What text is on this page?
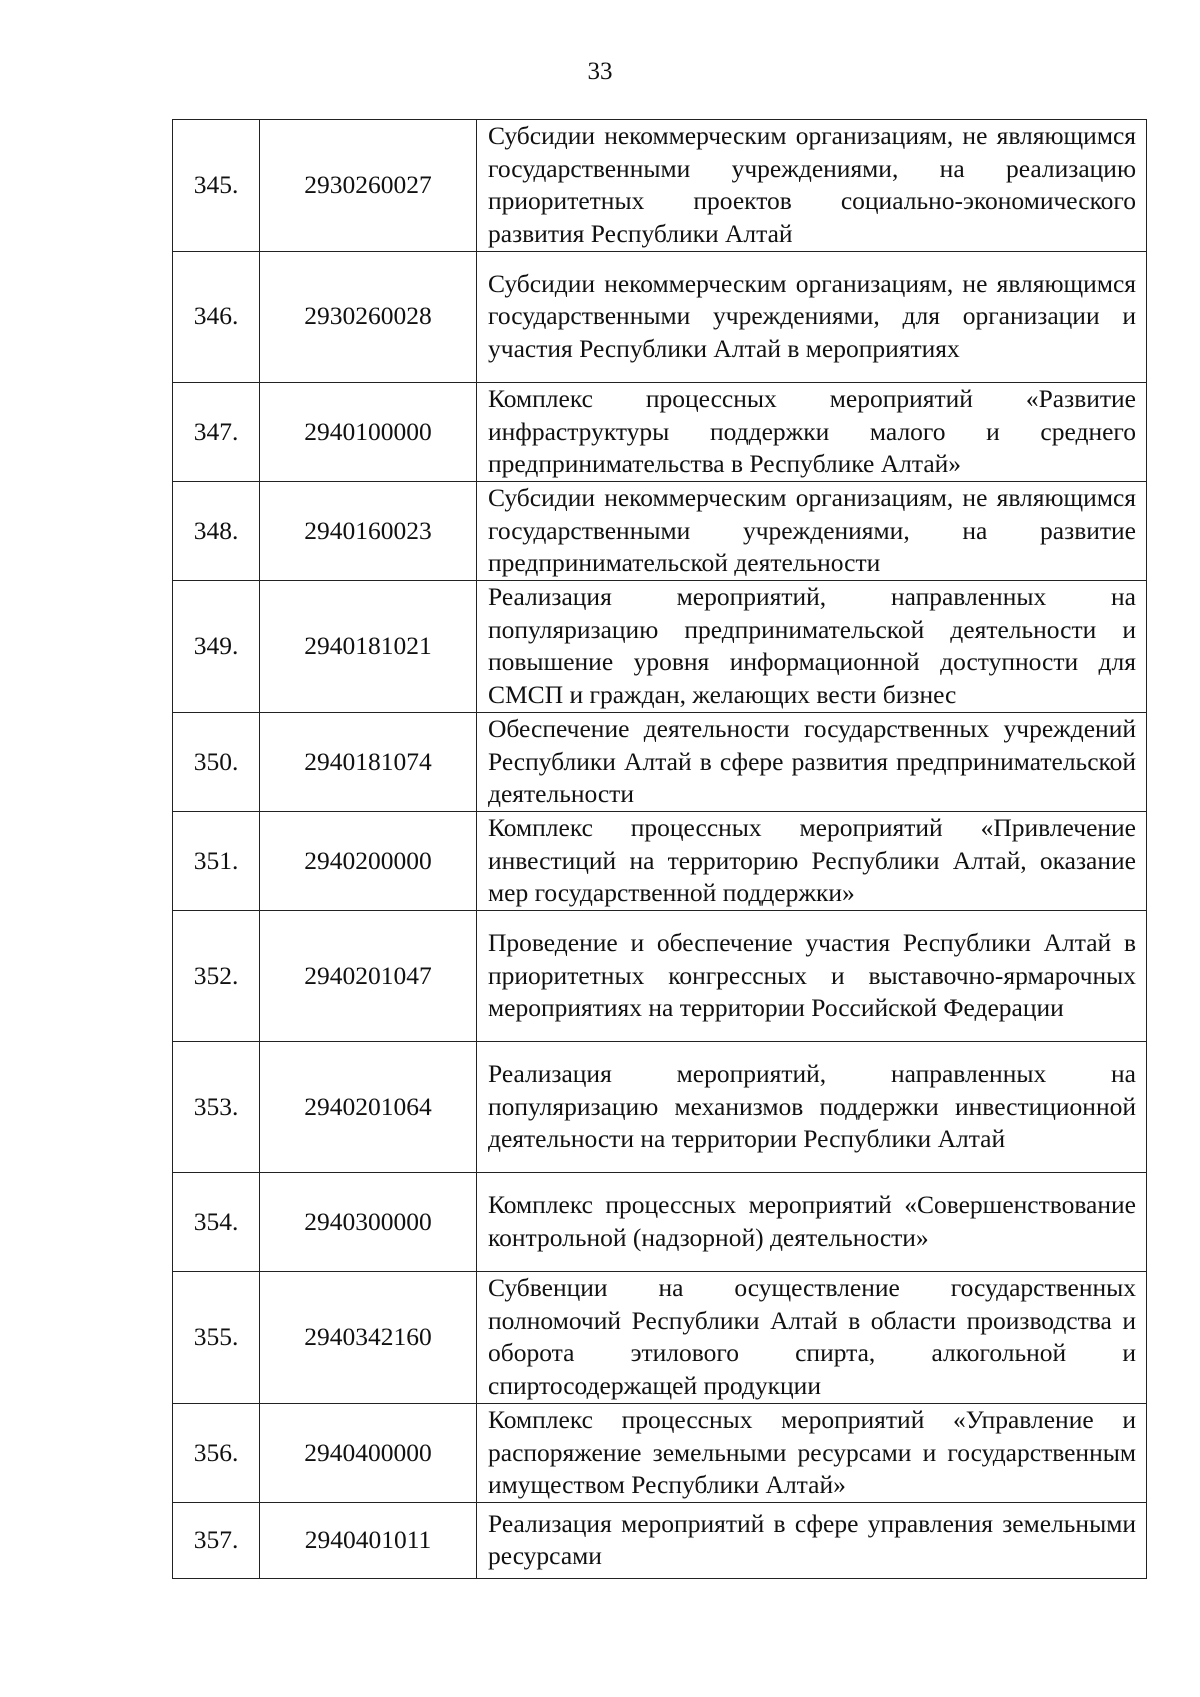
33
345.	2930260027	Субсидии некоммерческим организациям, не являющимся государственными учреждениями, на реализацию приоритетных проектов социально-экономического развития Республики Алтай
346.	2930260028	Субсидии некоммерческим организациям, не являющимся государственными учреждениями, для организации и участия Республики Алтай в мероприятиях
347.	2940100000	Комплекс процессных мероприятий «Развитие инфраструктуры поддержки малого и среднего предпринимательства в Республике Алтай»
348.	2940160023	Субсидии некоммерческим организациям, не являющимся государственными учреждениями, на развитие предпринимательской деятельности
349.	2940181021	Реализация мероприятий, направленных на популяризацию предпринимательской деятельности и повышение уровня информационной доступности для СМСП и граждан, желающих вести бизнес
350.	2940181074	Обеспечение деятельности государственных учреждений Республики Алтай в сфере развития предпринимательской деятельности
351.	2940200000	Комплекс процессных мероприятий «Привлечение инвестиций на территорию Республики Алтай, оказание мер государственной поддержки»
352.	2940201047	Проведение и обеспечение участия Республики Алтай в приоритетных конгрессных и выставочно-ярмарочных мероприятиях на территории Российской Федерации
353.	2940201064	Реализация мероприятий, направленных на популяризацию механизмов поддержки инвестиционной деятельности на территории Республики Алтай
354.	2940300000	Комплекс процессных мероприятий «Совершенствование контрольной (надзорной) деятельности»
355.	2940342160	Субвенции на осуществление государственных полномочий Республики Алтай в области производства и оборота этилового спирта, алкогольной и спиртосодержащей продукции
356.	2940400000	Комплекс процессных мероприятий «Управление и распоряжение земельными ресурсами и государственным имуществом Республики Алтай»
357.	2940401011	Реализация мероприятий в сфере управления земельными ресурсами
